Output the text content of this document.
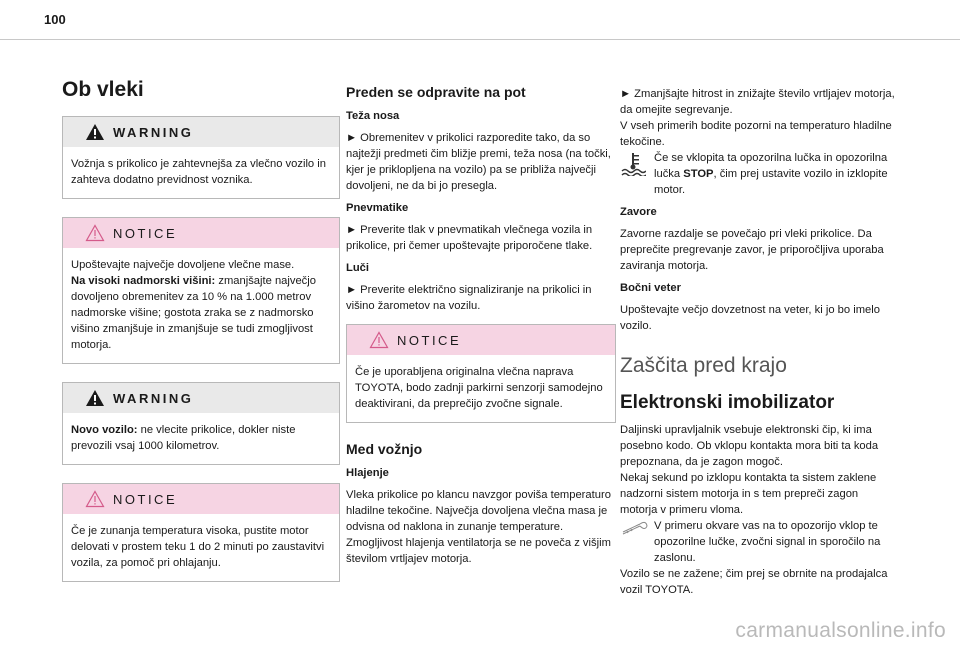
100
Ob vleki
WARNING
Vožnja s prikolico je zahtevnejša za vlečno vozilo in zahteva dodatno previdnost voznika.
NOTICE
Upoštevajte največje dovoljene vlečne mase.
Na visoki nadmorski višini: zmanjšajte največjo dovoljeno obremenitev za 10 % na 1.000 metrov nadmorske višine; gostota zraka se z nadmorsko višino zmanjšuje in zmanjšuje se tudi zmogljivost motorja.
WARNING
Novo vozilo: ne vlecite prikolice, dokler niste prevozili vsaj 1000 kilometrov.
NOTICE
Če je zunanja temperatura visoka, pustite motor delovati v prostem teku 1 do 2 minuti po zaustavitvi vozila, za pomoč pri ohlajanju.
Preden se odpravite na pot
Teža nosa

► Obremenitev v prikolici razporedite tako, da so najtežji predmeti čim bližje premi, teža nosa (na točki, kjer je priklopljena na vozilo) pa se približa največji dovoljeni, ne da bi jo presegla.

Pnevmatike

► Preverite tlak v pnevmatikah vlečnega vozila in prikolice, pri čemer upoštevajte priporočene tlake.

Luči

► Preverite električno signaliziranje na prikolici in višino žarometov na vozilu.

NOTICE
Če je uporabljena originalna vlečna naprava TOYOTA, bodo zadnji parkirni senzorji samodejno deaktivirani, da preprečijo zvočne signale.
Med vožnjo
Hlajenje

Vleka prikolice po klancu navzgor poviša temperaturo hladilne tekočine. Največja dovoljena vlečna masa je odvisna od naklona in zunanje temperature. Zmogljivost hlajenja ventilatorja se ne poveča z višjim številom vrtljajev motorja.

► Zmanjšajte hitrost in znižajte število vrtljajev motorja, da omejite segrevanje.

V vseh primerih bodite pozorni na temperaturo hladilne tekočine.

Če se vklopita ta opozorilna lučka in opozorilna lučka STOP, čim prej ustavite vozilo in izklopite motor.

Zavore

Zavorne razdalje se povečajo pri vleki prikolice. Da preprečite pregrevanje zavor, je priporočljiva uporaba zaviranja motorja.

Bočni veter

Upoštevajte večjo dovzetnost na veter, ki jo bo imelo vozilo.

Zaščita pred krajo
Elektronski imobilizator

Daljinski upravljalnik vsebuje elektronski čip, ki ima posebno kodo. Ob vklopu kontakta mora biti ta koda prepoznana, da je zagon mogoč.

Nekaj sekund po izklopu kontakta ta sistem zaklene nadzorni sistem motorja in s tem prepreči zagon motorja v primeru vloma.

V primeru okvare vas na to opozorijo vklop te opozorilne lučke, zvočni signal in sporočilo na zaslonu.

Vozilo se ne zažene; čim prej se obrnite na prodajalca vozil TOYOTA.

carmanualsonline.info
